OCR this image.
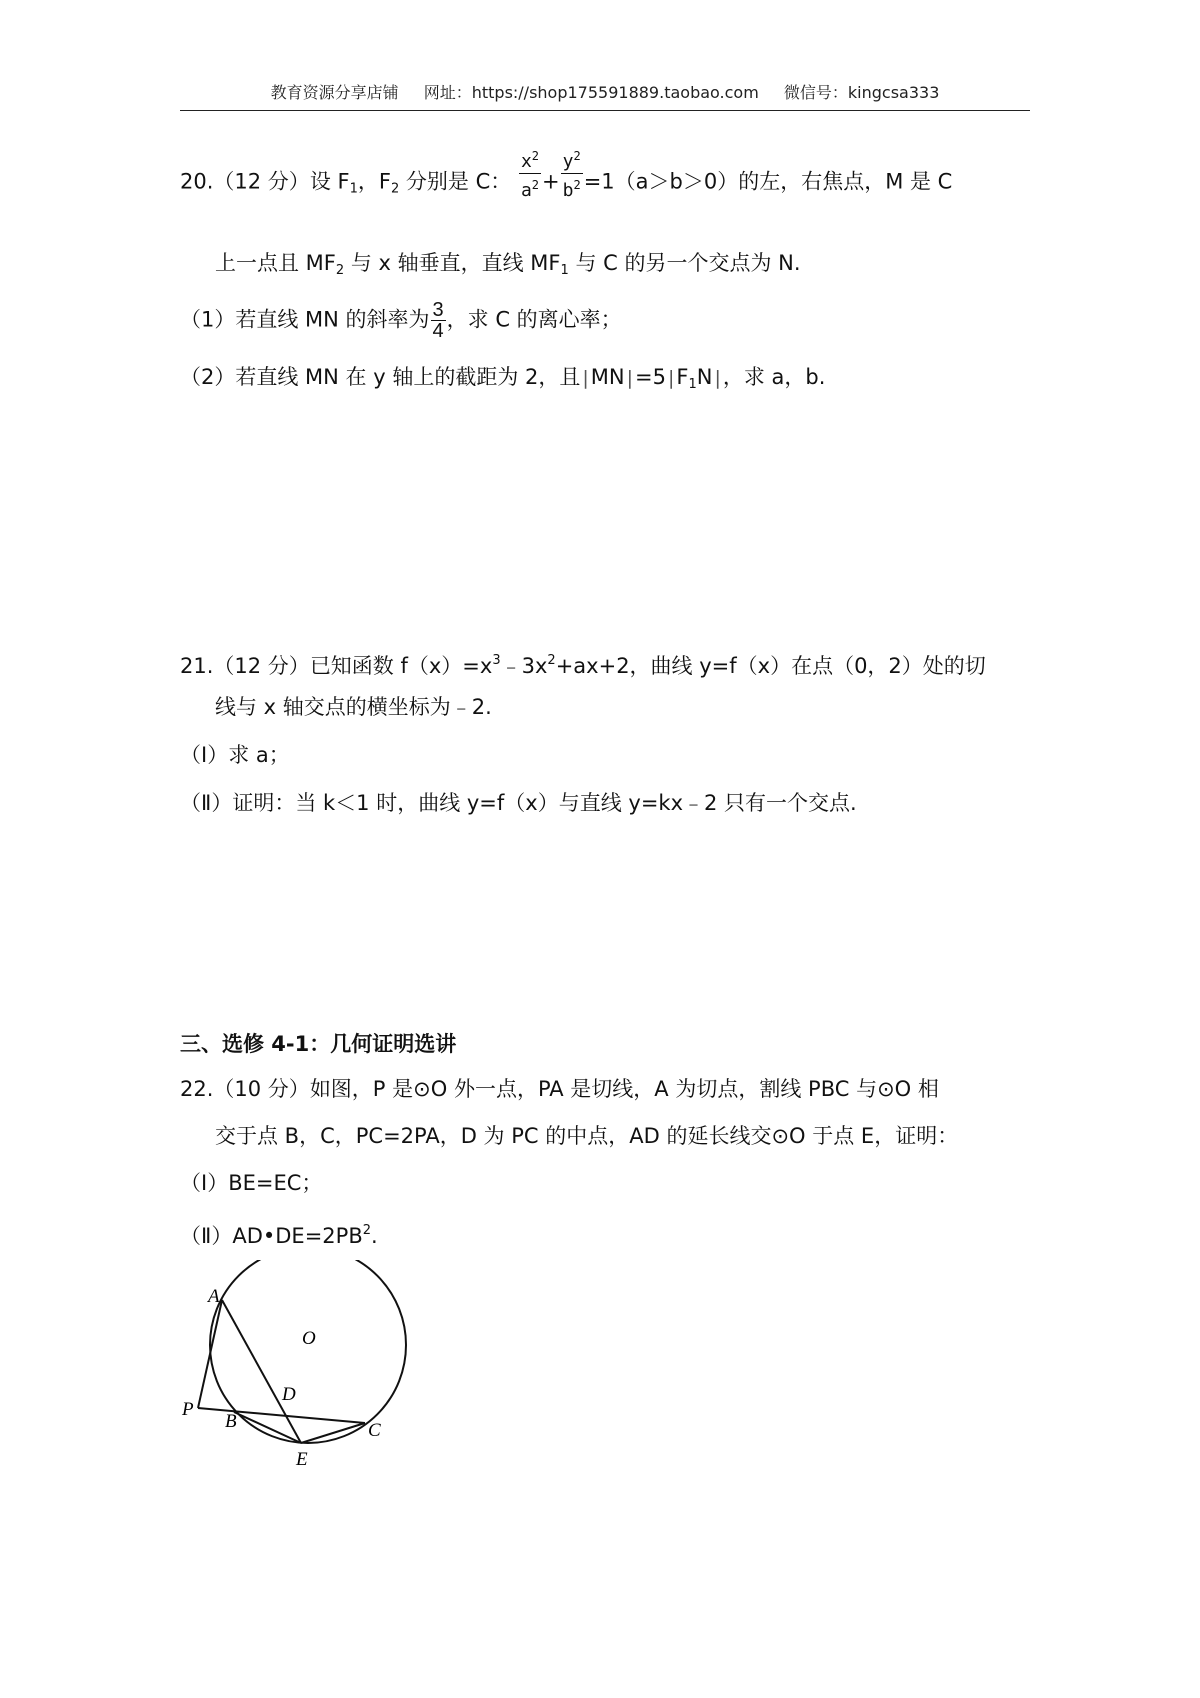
教育资源分享店铺 网址：https://shop175591889.taobao.com 微信号：kingcsa333
20.（12 分）设 $F_1$，$F_2$ 分别是 C： $\frac{x^2}{a^2} + \frac{y^2}{b^2} =1(a>b>0)$的左，右焦点，M 是 C
上一点且 $MF_2$ 与 x 轴垂直，直线 $MF_1$ 与 C 的另一个交点为 N.
（1）若直线 MN 的斜率为 $\frac{3}{4}$ ，求 C 的离心率；
（2）若直线 MN 在 y 轴上的截距为 2，且 |MN |=5 $|F_1N$ |，求 a，b.
21.（12 分）已知函数 $f(x)=x^3﹣3x^2+ax+2$，曲线 y=f（x）在点（0，2）处的切
线与 x 轴交点的横坐标为﹣2.
（Ⅰ）求 a；
（Ⅱ）证明：当 k＜1 时，曲线 y=f（x）与直线 y=kx﹣2 只有一个交点.
三、选修 4-1：几何证明选讲
22.（10 分）如图，P 是⊙O 外一点，PA 是切线，A 为切点，割线 PBC 与⊙O 相
交于点 B，C，PC=2PA，D 为 PC 的中点，AD 的延长线交⊙O 于点 E，证明：
（Ⅰ）BE=EC；
$(Ⅱ)AD•DE=2PB^2$.
A
O
D
P
B	C
E
